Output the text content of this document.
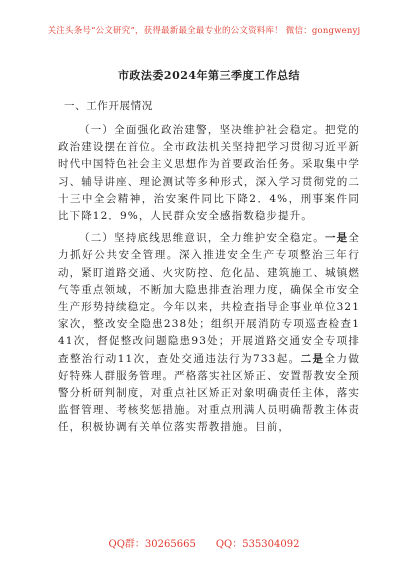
关注头条号“公文研究”，获得最新最全最专业的公文资料库！ 微信：gongwenyj
市政法委2024年第三季度工作总结
一、工作开展情况

（一）全面强化政治建警，坚决维护社会稳定。把党的政治建设摆在首位。全市政法机关坚持把学习贯彻习近平新时代中国特色社会主义思想作为首要政治任务。采取集中学习、辅导讲座、理论测试等多种形式，深入学习贯彻党的二十三中全会精神，治安案件同比下降2．4%，刑事案件同比下降12．9%，人民群众安全感指数稳步提升。

（二）坚持底线思维意识，全力维护安全稳定。一是全力抓好公共安全管理。深入推进安全生产专项整治三年行动，紧盯道路交通、火灾防控、危化品、建筑施工、城镇燃气等重点领域，不断加大隐患排查治理力度，确保全市安全生产形势持续稳定。今年以来，共检查指导企事业单位321家次，整改安全隐患238处；组织开展消防专项巡查检查141次，督促整改问题隐患93处；开展道路交通安全专项排查整治行动11次，查处交通违法行为733起。二是全力做好特殊人群服务管理。严格落实社区矫正、安置帮教安全预警分析研判制度，对重点社区矫正对象明确责任主体，落实监督管理、考核奖惩措施。对重点刑满人员明确帮教主体责任，积极协调有关单位落实帮教措施。目前，

QQ群：30265665 QQ：535304092
